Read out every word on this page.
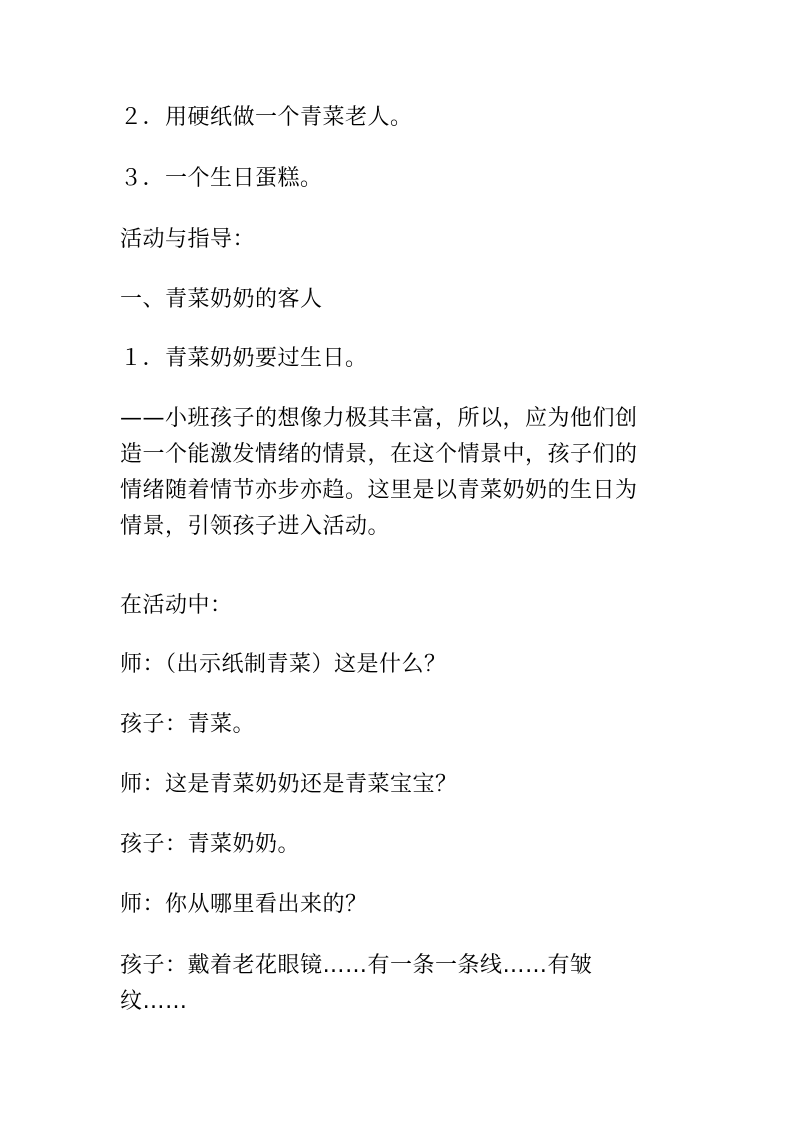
２．用硬纸做一个青菜老人。
３．一个生日蛋糕。
活动与指导：
一、青菜奶奶的客人
１．青菜奶奶要过生日。
——小班孩子的想像力极其丰富，所以，应为他们创
造一个能激发情绪的情景，在这个情景中，孩子们的
情绪随着情节亦步亦趋。这里是以青菜奶奶的生日为
情景，引领孩子进入活动。
在活动中：
师：（出示纸制青菜）这是什么？
孩子：青菜。
师：这是青菜奶奶还是青菜宝宝？
孩子：青菜奶奶。
师：你从哪里看出来的？
孩子：戴着老花眼镜……有一条一条线……有皱
纹……
